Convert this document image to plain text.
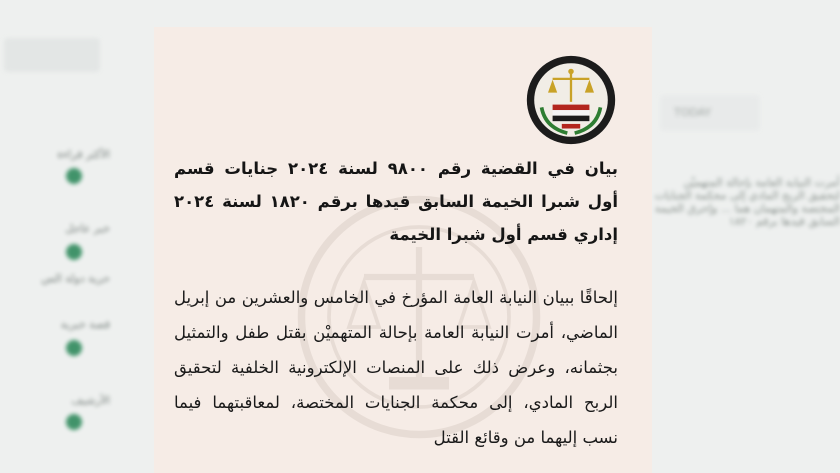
الأكثر قراءة
خبر عاجل
حرية دولة الس
قصة خبرية
الأرشيف
TODAY
أمرت النيابة العامة بإحالة المتهميْن لتحقيق الربح المادي إلى محكمة الجنايات المختصة والمتهمان هما ... وإحرق الخيمة السابق قيدها برقم ١٨٢٠
بيان في القضية رقم ٩٨٠٠ لسنة ٢٠٢٤ جنايات قسم أول شبرا الخيمة السابق قيدها برقم ١٨٢٠ لسنة ٢٠٢٤ إداري قسم أول شبرا الخيمة
إلحاقًا ببيان النيابة العامة المؤرخ في الخامس والعشرين من إبريل الماضي، أمرت النيابة العامة بإحالة المتهميْن بقتل طفل والتمثيل بجثمانه، وعرض ذلك على المنصات الإلكترونية الخلفية لتحقيق الربح المادي، إلى محكمة الجنايات المختصة، لمعاقبتهما فيما نسب إليهما من وقائع القتل
